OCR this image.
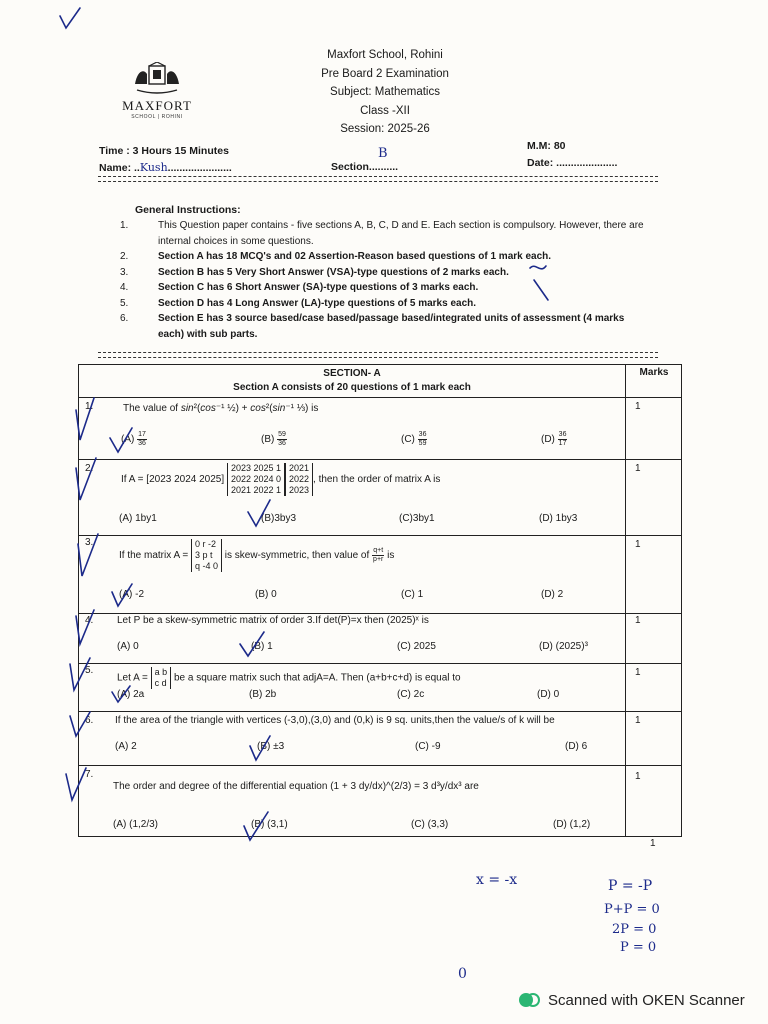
MAXFORT
SCHOOL | ROHINI
Maxfort School, Rohini
Pre Board 2 Examination
Subject: Mathematics
Class -XII
Session: 2025-26
Time : 3 Hours 15 Minutes	M.M: 80
Name: ..Kush......................
B
Section..........	Date: .....................
General Instructions:
1.	This Question paper contains - five sections A, B, C, D and E. Each section is compulsory. However, there are internal choices in some questions.
2.	Section A has 18 MCQ's and 02 Assertion-Reason based questions of 1 mark each.
3.	Section B has 5 Very Short Answer (VSA)-type questions of 2 marks each.
4.	Section C has 6 Short Answer (SA)-type questions of 3 marks each.
5.	Section D has 4 Long Answer (LA)-type questions of 5 marks each.
6.	Section E has 3 source based/case based/passage based/integrated units of assessment (4 marks each) with sub parts.
Marks
SECTION- A
Section A consists of 20 questions of 1 mark each
1.	The value of sin²(cos⁻¹ ½) + cos²(sin⁻¹ ⅓) is	1
$(A) \frac{17}{36}$	$(B) \frac{59}{36}$	$(C) \frac{36}{59}$	$(D) \frac{36}{17}$
2.
If A = [2023 2024 2025]
2023 2025 1
2022 2024 0
2021 2022 1
2021
2022
2023
, then the order of matrix A is
1
(A) 1by1	(B)3by3	(C)3by1	(D) 1by3
3.
If the matrix A =
0 r -2
3 p t
q -4 0
is skew-symmetric, then value of $\frac{q+t}{p+r}$ is
1
(A) -2	(B) 0	(C) 1	(D) 2
4. Let P be a skew-symmetric matrix of order 3.If det(P)=x then (2025)ˣ is	1
(A) 0	(B) 1	(C) 2025	(D) (2025)³
5.
Let A =
a b
c d be a square matrix such that adjA=A. Then (a+b+c+d) is equal to
1
(A) 2a	(B) 2b	(C) 2c	(D) 0
6. If the area of the triangle with vertices (-3,0),(3,0) and (0,k) is 9 sq. units,then the value/s of k will be	1
(A) 2	(B) ±3	(C) -9	(D) 6
7.
The order and degree of the differential equation (1 + 3 dy/dx)^(2/3) = 3 d³y/dx³ are
1
(A) (1,2/3)	(B) (3,1)	(C) (3,3)	(D) (1,2)
1
x = -x	P = -P
P+P = 0
2P = 0
P = 0
0
Scanned with OKEN Scanner
